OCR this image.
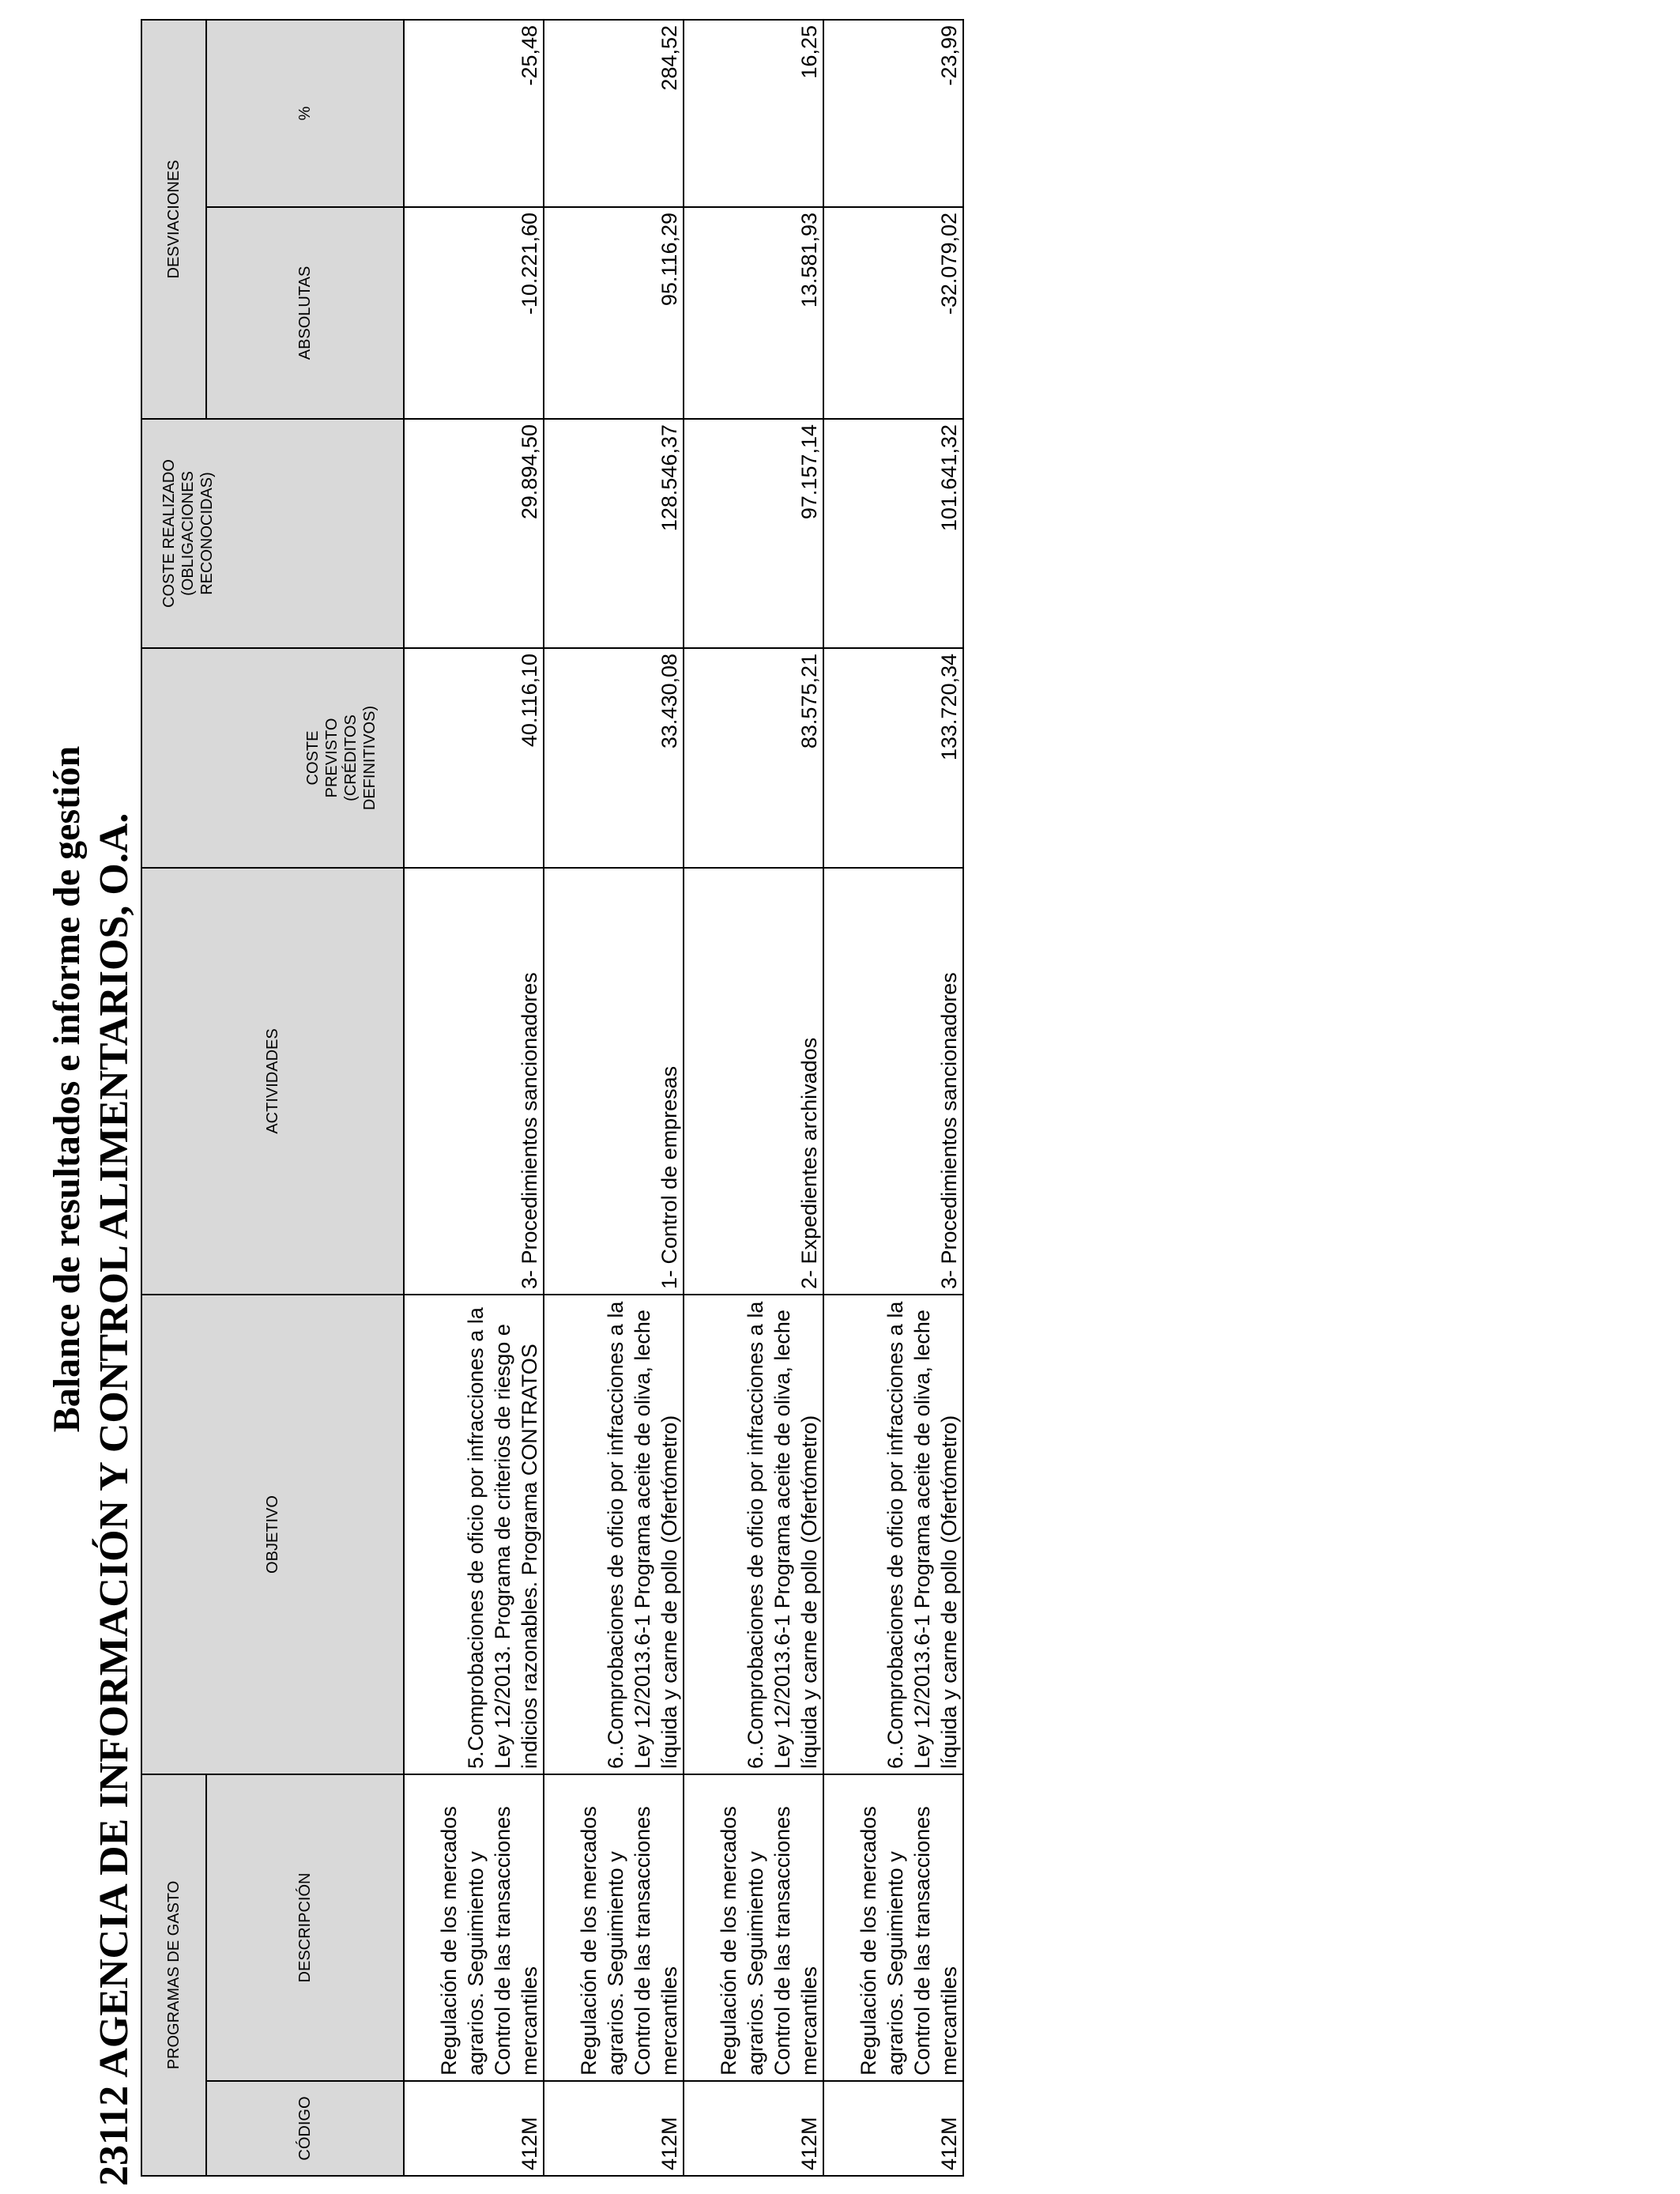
Balance de resultados e informe de gestión 23112 AGENCIA DE INFORMACIÓN Y CONTROL ALIMENTARIOS, O.A. PROGRAMAS DE GASTO		OBJETIVO	ACTIVIDADES	COSTE PREVISTO (CRÉDITOS DEFINITIVOS)	COSTE REALIZADO (OBLIGACIONES RECONOCIDAS)	DESVIACIONES	
CÓDIGO	DESCRIPCIÓN					ABSOLUTAS	%
412M	Regulación de los mercados agrarios. Seguimiento y Control de las transacciones mercantiles	5.Comprobaciones de oficio por infracciones a la Ley 12/2013. Programa de criterios de riesgo e indicios razonables. Programa CONTRATOS	3- Procedimientos sancionadores	40.116,10	29.894,50	-10.221,60	-25,48
412M	Regulación de los mercados agrarios. Seguimiento y Control de las transacciones mercantiles	6..Comprobaciones de oficio por infracciones a la Ley 12/2013.6-1 Programa aceite de oliva, leche líquida y carne de pollo (Ofertómetro)	1- Control de empresas	33.430,08	128.546,37	95.116,29	284,52
412M	Regulación de los mercados agrarios. Seguimiento y Control de las transacciones mercantiles	6..Comprobaciones de oficio por infracciones a la Ley 12/2013.6-1 Programa aceite de oliva, leche líquida y carne de pollo (Ofertómetro)	2- Expedientes archivados	83.575,21	97.157,14	13.581,93	16,25
412M	Regulación de los mercados agrarios. Seguimiento y Control de las transacciones mercantiles	6..Comprobaciones de oficio por infracciones a la Ley 12/2013.6-1 Programa aceite de oliva, leche líquida y carne de pollo (Ofertómetro)	3- Procedimientos sancionadores	133.720,34	101.641,32	-32.079,02	-23,99
